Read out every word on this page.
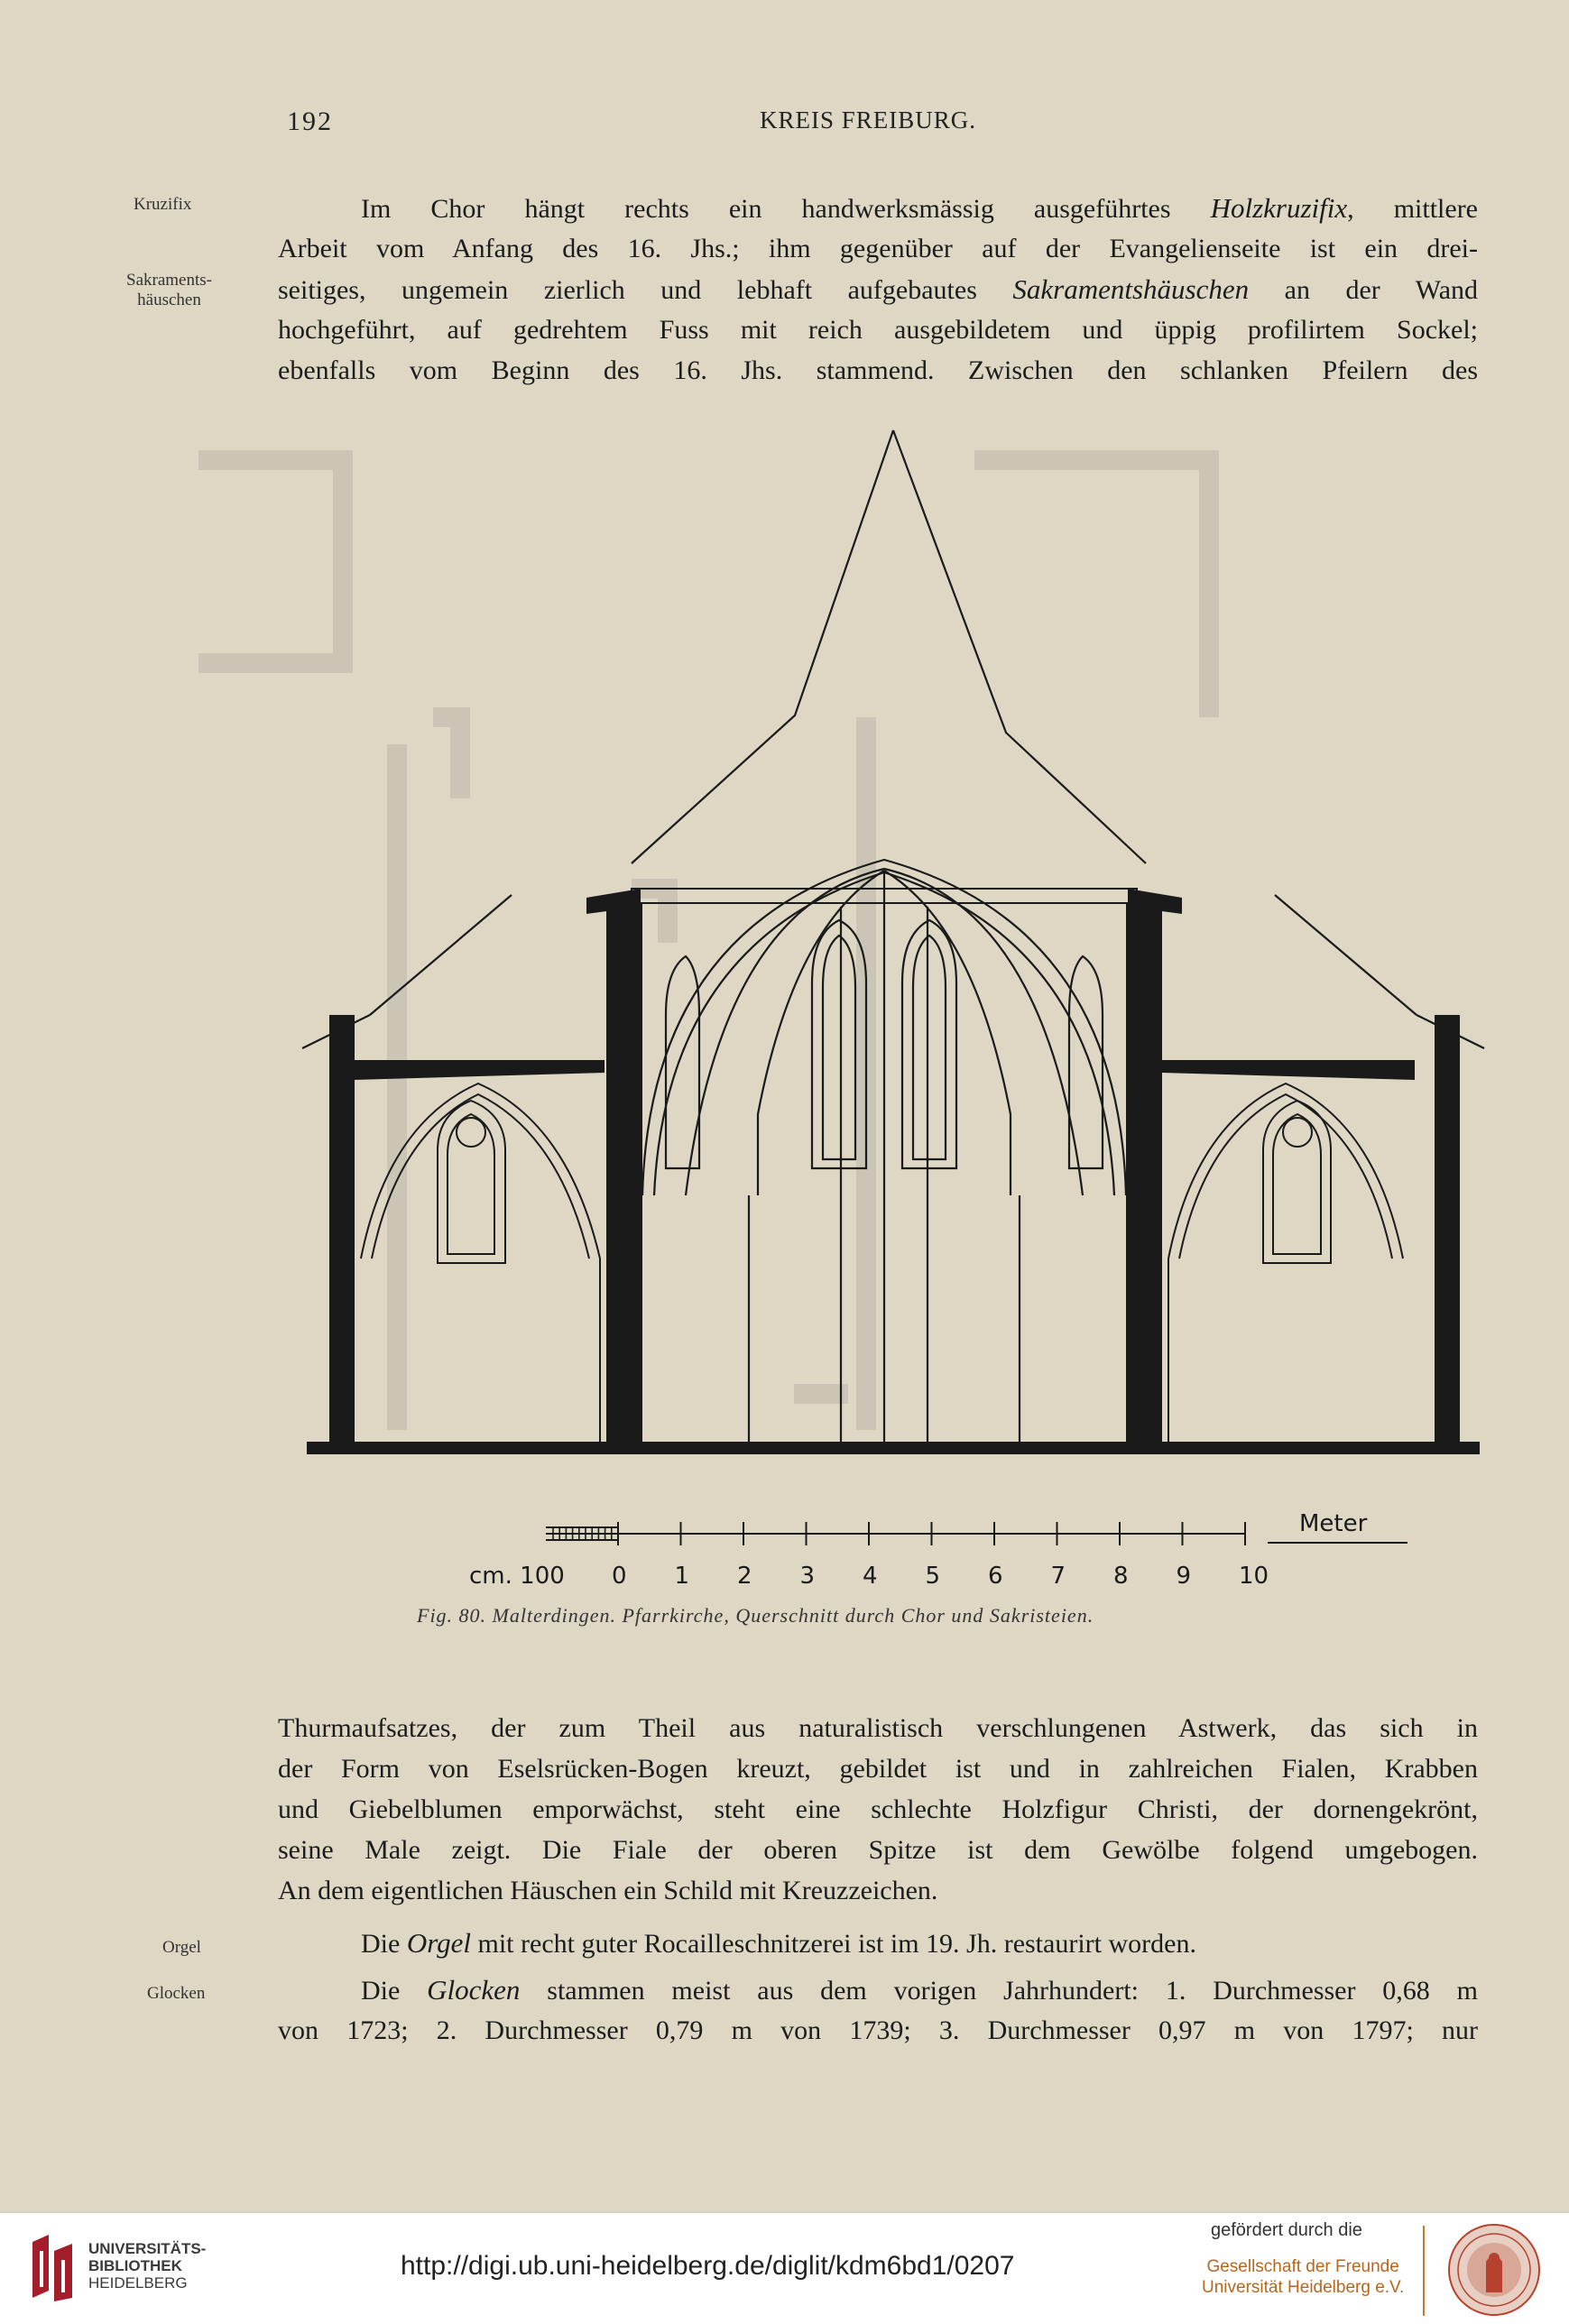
192	KREIS FREIBURG.
Kruzifix
Sakraments-
häuschen
Orgel
Glocken
Im Chor hängt rechts ein handwerksmässig ausgeführtes Holzkruzifix, mittlere
Arbeit vom Anfang des 16. Jhs.; ihm gegenüber auf der Evangelienseite ist ein drei-
seitiges, ungemein zierlich und lebhaft aufgebautes Sakramentshäuschen an der Wand
hochgeführt, auf gedrehtem Fuss mit reich ausgebildetem und üppig profilirtem Sockel;
ebenfalls vom Beginn des 16. Jhs. stammend. Zwischen den schlanken Pfeilern des
Meter
cm. 100 0 1 2 3 4 5 6 7 8 9 10
Fig. 80. Malterdingen. Pfarrkirche, Querschnitt durch Chor und Sakristeien.
Thurmaufsatzes, der zum Theil aus naturalistisch verschlungenen Astwerk, das sich in
der Form von Eselsrücken-Bogen kreuzt, gebildet ist und in zahlreichen Fialen, Krabben
und Giebelblumen emporwächst, steht eine schlechte Holzfigur Christi, der dornengekrönt,
seine Male zeigt. Die Fiale der oberen Spitze ist dem Gewölbe folgend umgebogen.
An dem eigentlichen Häuschen ein Schild mit Kreuzzeichen.
Die Orgel mit recht guter Rocailleschnitzerei ist im 19. Jh. restaurirt worden.
Die Glocken stammen meist aus dem vorigen Jahrhundert: 1. Durchmesser 0,68 m
von 1723; 2. Durchmesser 0,79 m von 1739; 3. Durchmesser 0,97 m von 1797; nur
UNIVERSITÄTS-
BIBLIOTHEK
HEIDELBERG
http://digi.ub.uni-heidelberg.de/diglit/kdm6bd1/0207
gefördert durch die
Gesellschaft der Freunde
Universität Heidelberg e.V.
